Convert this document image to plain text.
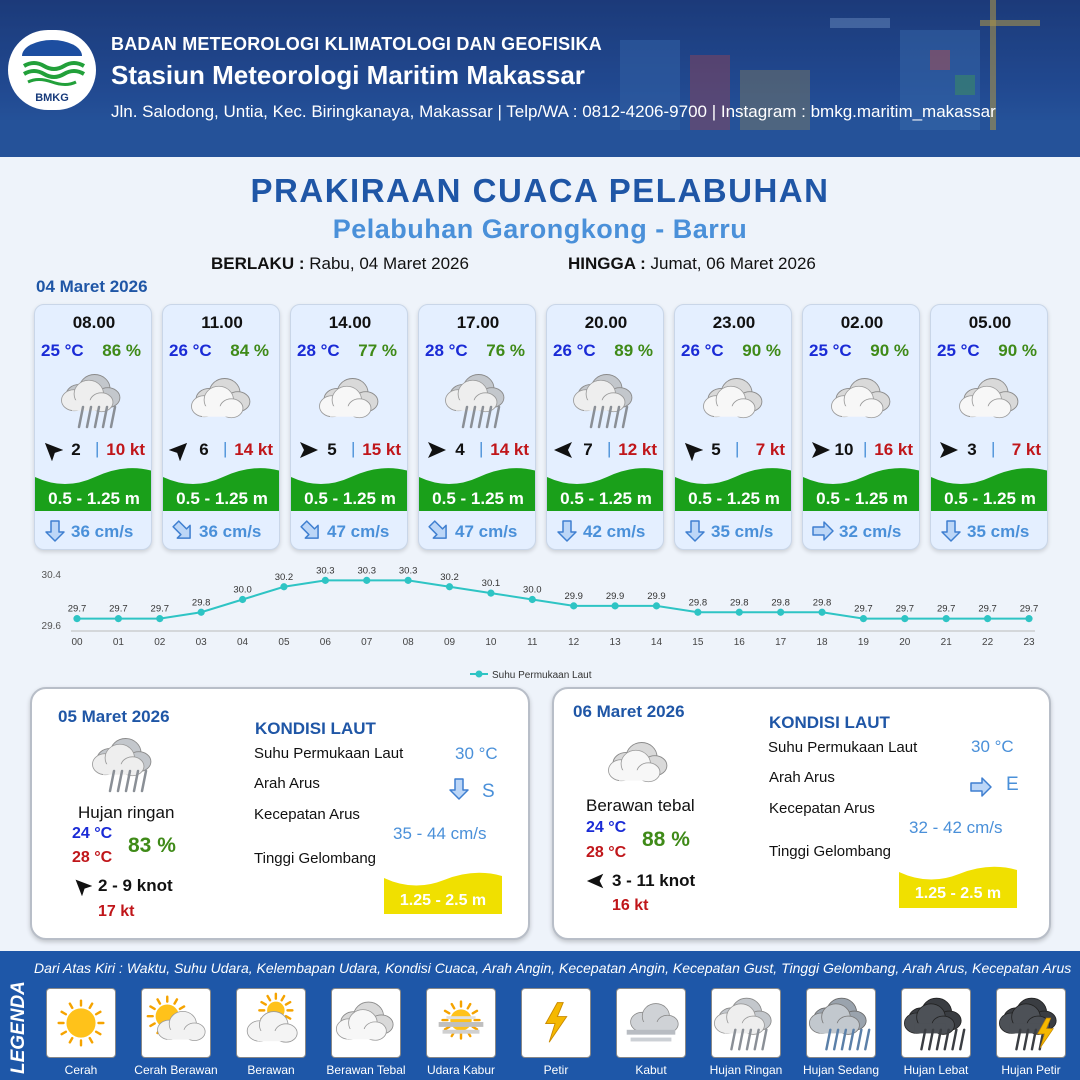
BMKG
BADAN METEOROLOGI KLIMATOLOGI DAN GEOFISIKA
Stasiun Meteorologi Maritim Makassar
Jln. Salodong, Untia, Kec. Biringkanaya, Makassar | Telp/WA : 0812-4206-9700 | Instagram : bmkg.maritim_makassar
PRAKIRAAN CUACA PELABUHAN
Pelabuhan Garongkong - Barru
BERLAKU : Rabu, 04 Maret 2026	HINGGA : Jumat, 06 Maret 2026
04 Maret 2026
08.00
25 °C 86 %
2 | 10 kt
0.5 - 1.25 m
36 cm/s
11.00
26 °C 84 %
6 | 14 kt
0.5 - 1.25 m
36 cm/s
14.00
28 °C 77 %
5 | 15 kt
0.5 - 1.25 m
47 cm/s
17.00
28 °C 76 %
4 | 14 kt
0.5 - 1.25 m
47 cm/s
20.00
26 °C 89 %
7 | 12 kt
0.5 - 1.25 m
42 cm/s
23.00
26 °C 90 %
5 | 7 kt
0.5 - 1.25 m
35 cm/s
02.00
25 °C 90 %
10 | 16 kt
0.5 - 1.25 m
32 cm/s
05.00
25 °C 90 %
3 | 7 kt
0.5 - 1.25 m
35 cm/s
30.4
29.6
29.7
00
29.7
01
29.7
02
29.8
03
30.0
04
30.2
05
30.3
06
30.3
07
30.3
08
30.2
09
30.1
10
30.0
11
29.9
12
29.9
13
29.9
14
29.8
15
29.8
16
29.8
17
29.8
18
29.7
19
29.7
20
29.7
21
29.7
22
29.7
23
Suhu Permukaan Laut
05 Maret 2026
Hujan ringan
24 °C
28 °C
83 %
2 - 9 knot
17 kt
KONDISI LAUT
Suhu Permukaan Laut	30 °C
Arah Arus	S
Kecepatan Arus
35 - 44 cm/s
Tinggi Gelombang
1.25 - 2.5 m
06 Maret 2026
Berawan tebal
24 °C
28 °C
88 %
3 - 11 knot
16 kt
KONDISI LAUT
Suhu Permukaan Laut	30 °C
Arah Arus	E
Kecepatan Arus
32 - 42 cm/s
Tinggi Gelombang
1.25 - 2.5 m
LEGENDA
Dari Atas Kiri : Waktu, Suhu Udara, Kelembapan Udara, Kondisi Cuaca, Arah Angin, Kecepatan Angin, Kecepatan Gust, Tinggi Gelombang, Arah Arus, Kecepatan Arus
Cerah	Cerah Berawan	Berawan	Berawan Tebal	Udara Kabur	Petir	Kabut	Hujan Ringan	Hujan Sedang	Hujan Lebat	Hujan Petir
